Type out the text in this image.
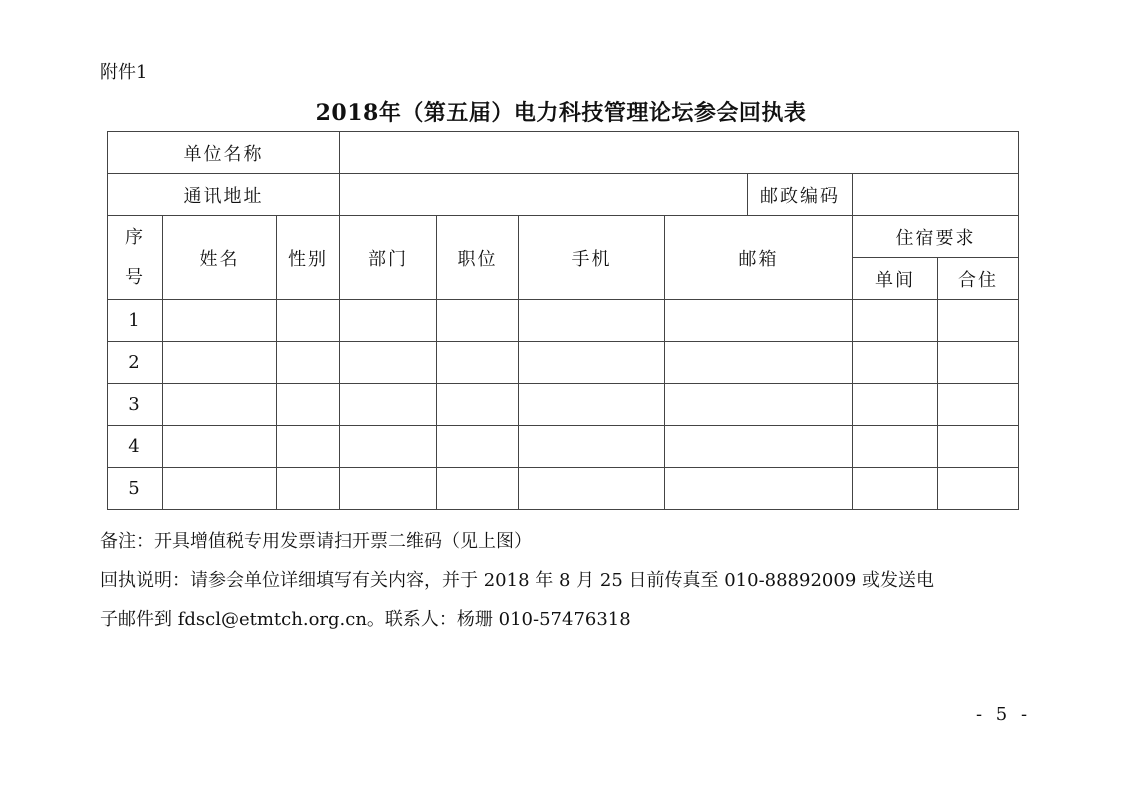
附件1
2018年（第五届）电力科技管理论坛参会回执表
单位名称									
通讯地址							邮政编码		

序
号	姓名	性别	部门	职位	手机	邮箱		住宿要求	
								单间	合住
1									
2									
3									
4									
5									
备注：开具增值税专用发票请扫开票二维码（见上图）
回执说明：请参会单位详细填写有关内容，并于 2018 年 8 月 25 日前传真至 010-88892009 或发送电
子邮件到 fdscl@etmtch.org.cn。联系人：杨珊 010-57476318
- 5 -
